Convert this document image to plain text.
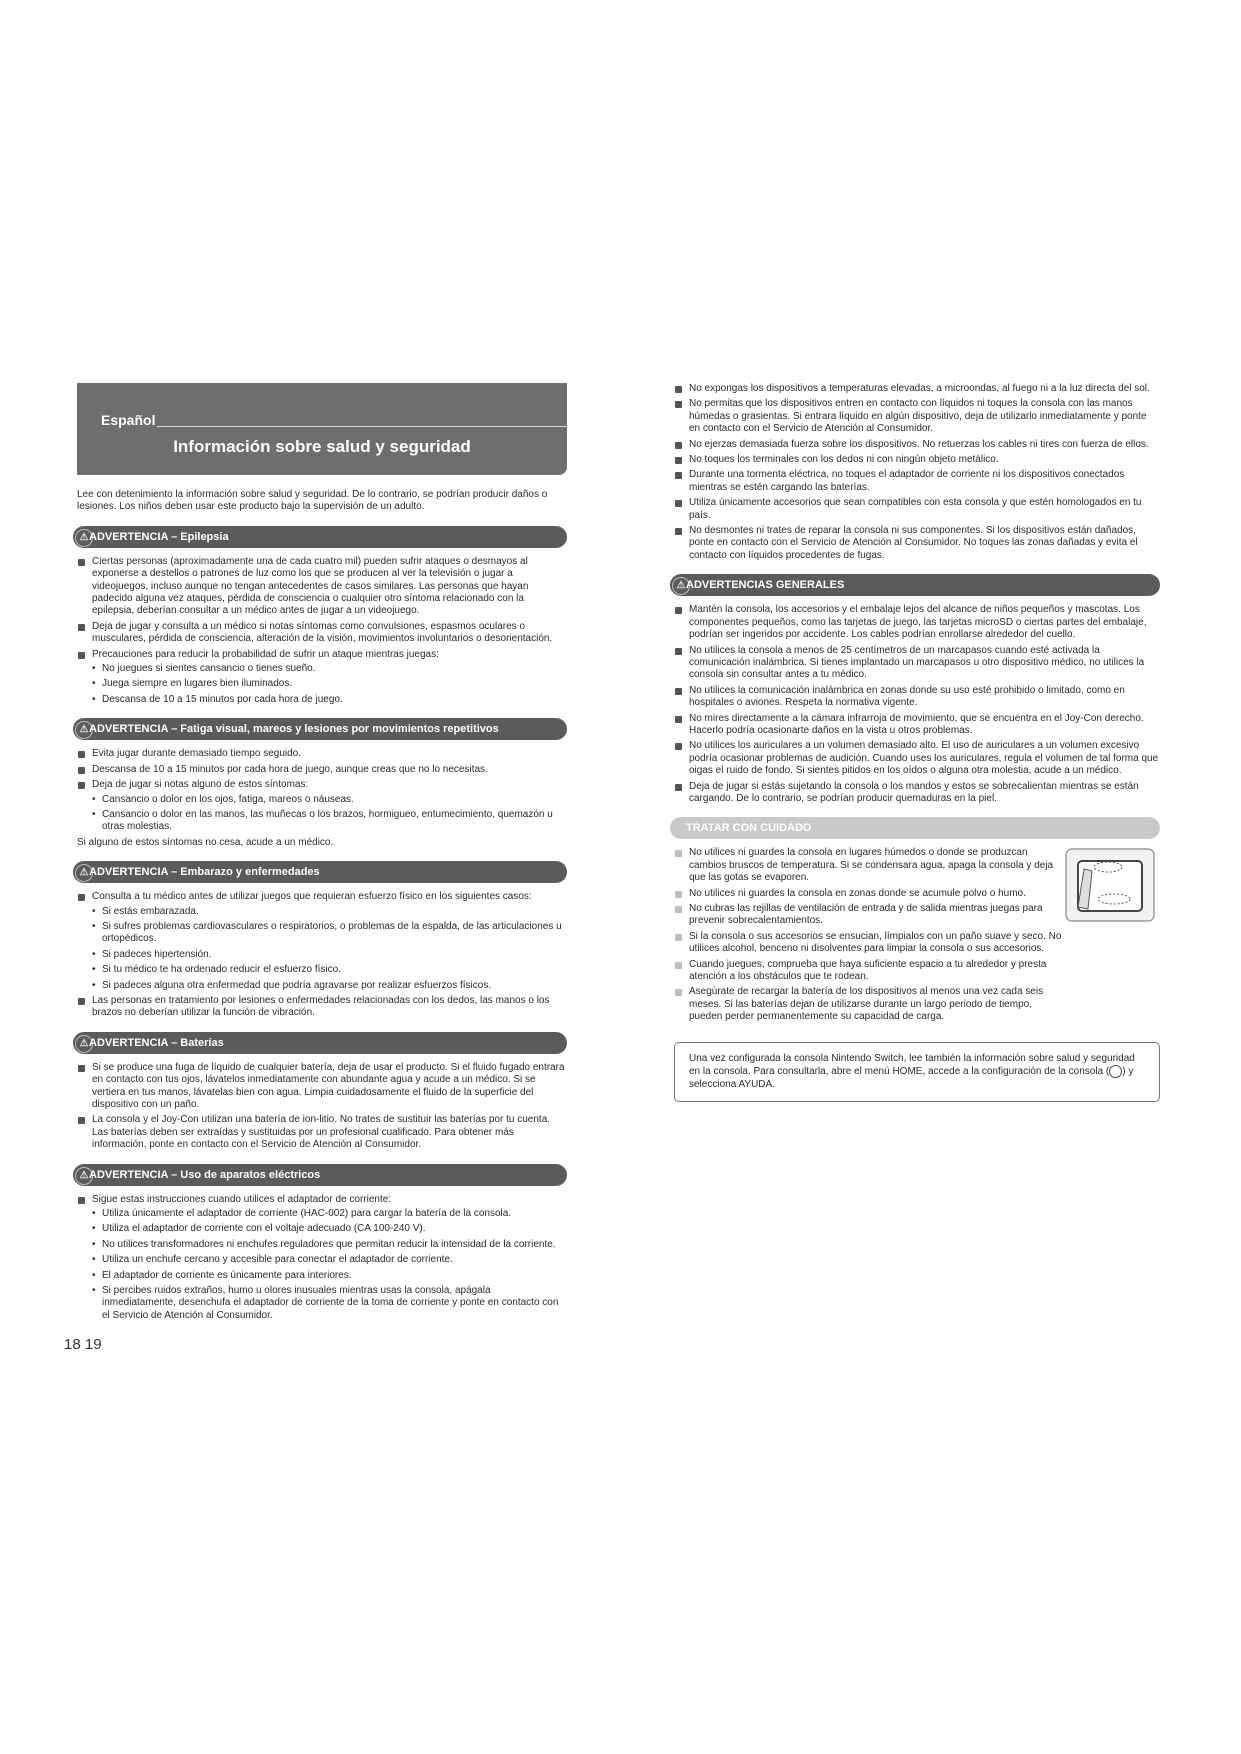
Español
Información sobre salud y seguridad

Lee con detenimiento la información sobre salud y seguridad. De lo contrario, se podrían producir daños o lesiones. Los niños deben usar este producto bajo la supervisión de un adulto.

⚠ ADVERTENCIA – Epilepsia
Ciertas personas (aproximadamente una de cada cuatro mil) pueden sufrir ataques o desmayos al exponerse a destellos o patrones de luz como los que se producen al ver la televisión o jugar a videojuegos, incluso aunque no tengan antecedentes de casos similares. Las personas que hayan padecido alguna vez ataques, pérdida de consciencia o cualquier otro síntoma relacionado con la epilepsia, deberían consultar a un médico antes de jugar a un videojuego.
Deja de jugar y consulta a un médico si notas síntomas como convulsiones, espasmos oculares o musculares, pérdida de consciencia, alteración de la visión, movimientos involuntarios o desorientación.
Precauciones para reducir la probabilidad de sufrir un ataque mientras juegas:
• No juegues si sientes cansancio o tienes sueño.
• Juega siempre en lugares bien iluminados.
• Descansa de 10 a 15 minutos por cada hora de juego.
⚠ ADVERTENCIA – Fatiga visual, mareos y lesiones por movimientos repetitivos
Evita jugar durante demasiado tiempo seguido.
Descansa de 10 a 15 minutos por cada hora de juego, aunque creas que no lo necesitas.
Deja de jugar si notas alguno de estos síntomas:
• Cansancio o dolor en los ojos, fatiga, mareos o náuseas.
• Cansancio o dolor en las manos, las muñecas o los brazos, hormigueo, entumecimiento, quemazón u otras molestias.

Si alguno de estos síntomas no cesa, acude a un médico.

⚠ ADVERTENCIA – Embarazo y enfermedades
Consulta a tu médico antes de utilizar juegos que requieran esfuerzo físico en los siguientes casos:
• Si estás embarazada.
• Si sufres problemas cardiovasculares o respiratorios, o problemas de la espalda, de las articulaciones u ortopédicos.
• Si padeces hipertensión.
• Si tu médico te ha ordenado reducir el esfuerzo físico.
• Si padeces alguna otra enfermedad que podría agravarse por realizar esfuerzos físicos.
Las personas en tratamiento por lesiones o enfermedades relacionadas con los dedos, las manos o los brazos no deberían utilizar la función de vibración.
⚠ ADVERTENCIA – Baterías
Si se produce una fuga de líquido de cualquier batería, deja de usar el producto. Si el fluido fugado entrara en contacto con tus ojos, lávatelos inmediatamente con abundante agua y acude a un médico. Si se vertiera en tus manos, lávatelas bien con agua. Limpia cuidadosamente el fluido de la superficie del dispositivo con un paño.
La consola y el Joy-Con utilizan una batería de ion-litio. No trates de sustituir las baterías por tu cuenta. Las baterías deben ser extraídas y sustituidas por un profesional cualificado. Para obtener más información, ponte en contacto con el Servicio de Atención al Consumidor.
⚠ ADVERTENCIA – Uso de aparatos eléctricos
Sigue estas instrucciones cuando utilices el adaptador de corriente:
• Utiliza únicamente el adaptador de corriente (HAC-002) para cargar la batería de la consola.
• Utiliza el adaptador de corriente con el voltaje adecuado (CA 100-240 V).
• No utilices transformadores ni enchufes reguladores que permitan reducir la intensidad de la corriente.
• Utiliza un enchufe cercano y accesible para conectar el adaptador de corriente.
• El adaptador de corriente es únicamente para interiores.
• Si percibes ruidos extraños, humo u olores inusuales mientras usas la consola, apágala inmediatamente, desenchufa el adaptador de corriente de la toma de corriente y ponte en contacto con el Servicio de Atención al Consumidor.
No expongas los dispositivos a temperaturas elevadas, a microondas, al fuego ni a la luz directa del sol.
No permitas que los dispositivos entren en contacto con líquidos ni toques la consola con las manos húmedas o grasientas. Si entrara líquido en algún dispositivo, deja de utilizarlo inmediatamente y ponte en contacto con el Servicio de Atención al Consumidor.
No ejerzas demasiada fuerza sobre los dispositivos. No retuerzas los cables ni tires con fuerza de ellos.
No toques los terminales con los dedos ni con ningún objeto metálico.
Durante una tormenta eléctrica, no toques el adaptador de corriente ni los dispositivos conectados mientras se estén cargando las baterías.
Utiliza únicamente accesorios que sean compatibles con esta consola y que estén homologados en tu país.
No desmontes ni trates de reparar la consola ni sus componentes. Si los dispositivos están dañados, ponte en contacto con el Servicio de Atención al Consumidor. No toques las zonas dañadas y evita el contacto con líquidos procedentes de fugas.
⚠ ADVERTENCIAS GENERALES
Mantén la consola, los accesorios y el embalaje lejos del alcance de niños pequeños y mascotas. Los componentes pequeños, como las tarjetas de juego, las tarjetas microSD o ciertas partes del embalaje, podrían ser ingeridos por accidente. Los cables podrían enrollarse alrededor del cuello.
No utilices la consola a menos de 25 centímetros de un marcapasos cuando esté activada la comunicación inalámbrica. Si tienes implantado un marcapasos u otro dispositivo médico, no utilices la consola sin consultar antes a tu médico.
No utilices la comunicación inalámbrica en zonas donde su uso esté prohibido o limitado, como en hospitales o aviones. Respeta la normativa vigente.
No mires directamente a la cámara infrarroja de movimiento, que se encuentra en el Joy-Con derecho. Hacerlo podría ocasionarte daños en la vista u otros problemas.
No utilices los auriculares a un volumen demasiado alto. El uso de auriculares a un volumen excesivo podría ocasionar problemas de audición. Cuando uses los auriculares, regula el volumen de tal forma que oigas el ruido de fondo. Si sientes pitidos en los oídos o alguna otra molestia, acude a un médico.
Deja de jugar si estás sujetando la consola o los mandos y estos se sobrecalientan mientras se están cargando. De lo contrario, se podrían producir quemaduras en la piel.
TRATAR CON CUIDADO
No utilices ni guardes la consola en lugares húmedos o donde se produzcan cambios bruscos de temperatura. Si se condensara agua, apaga la consola y deja que las gotas se evaporen.
No utilices ni guardes la consola en zonas donde se acumule polvo o humo.
No cubras las rejillas de ventilación de entrada y de salida mientras juegas para prevenir sobrecalentamientos.
Si la consola o sus accesorios se ensucian, límpialos con un paño suave y seco. No utilices alcohol, benceno ni disolventes para limpiar la consola o sus accesorios.
Cuando juegues, comprueba que haya suficiente espacio a tu alrededor y presta atención a los obstáculos que te rodean.
Asegúrate de recargar la batería de los dispositivos al menos una vez cada seis meses. Si las baterías dejan de utilizarse durante un largo periodo de tiempo, pueden perder permanentemente su capacidad de carga.
Una vez configurada la consola Nintendo Switch, lee también la información sobre salud y seguridad en la consola. Para consultarla, abre el menú HOME, accede a la configuración de la consola ( ) y selecciona AYUDA.
18 19
